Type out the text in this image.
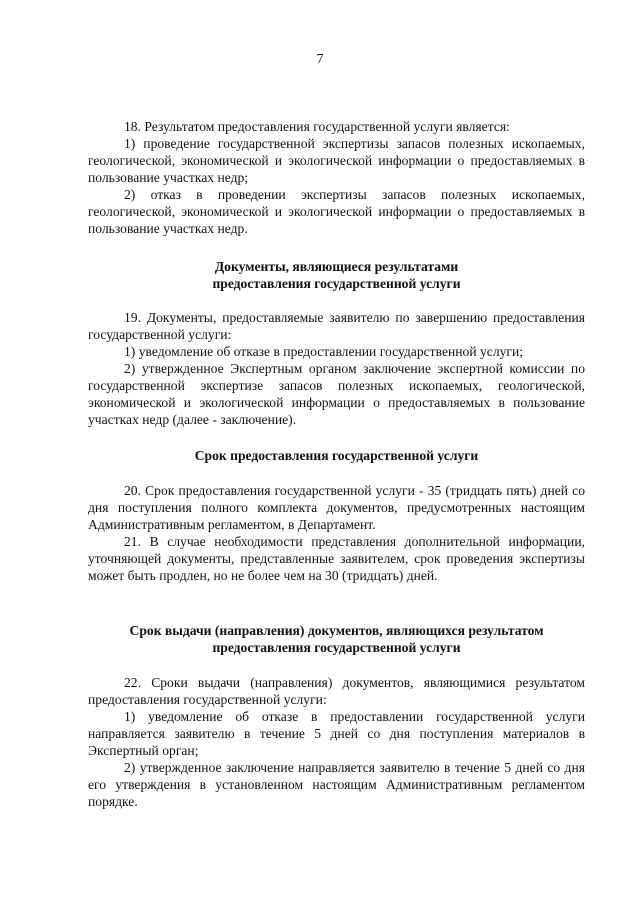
7

18. Результатом предоставления государственной услуги является:

1) проведение государственной экспертизы запасов полезных ископаемых, геологической, экономической и экологической информации о предоставляемых в пользование участках недр;

2) отказ в проведении экспертизы запасов полезных ископаемых, геологической, экономической и экологической информации о предоставляемых в пользование участках недр.

Документы, являющиеся результатами
предоставления государственной услуги

19. Документы, предоставляемые заявителю по завершению предоставления государственной услуги:

1) уведомление об отказе в предоставлении государственной услуги;

2) утвержденное Экспертным органом заключение экспертной комиссии по государственной экспертизе запасов полезных ископаемых, геологической, экономической и экологической информации о предоставляемых в пользование участках недр (далее - заключение).

Срок предоставления государственной услуги

20. Срок предоставления государственной услуги - 35 (тридцать пять) дней со дня поступления полного комплекта документов, предусмотренных настоящим Административным регламентом, в Департамент.

21. В случае необходимости представления дополнительной информации, уточняющей документы, представленные заявителем, срок проведения экспертизы может быть продлен, но не более чем на 30 (тридцать) дней.

Срок выдачи (направления) документов, являющихся результатом
предоставления государственной услуги

22. Сроки выдачи (направления) документов, являющимися результатом предоставления государственной услуги:

1) уведомление об отказе в предоставлении государственной услуги направляется заявителю в течение 5 дней со дня поступления материалов в Экспертный орган;

2) утвержденное заключение направляется заявителю в течение 5 дней со дня его утверждения в установленном настоящим Административным регламентом порядке.
